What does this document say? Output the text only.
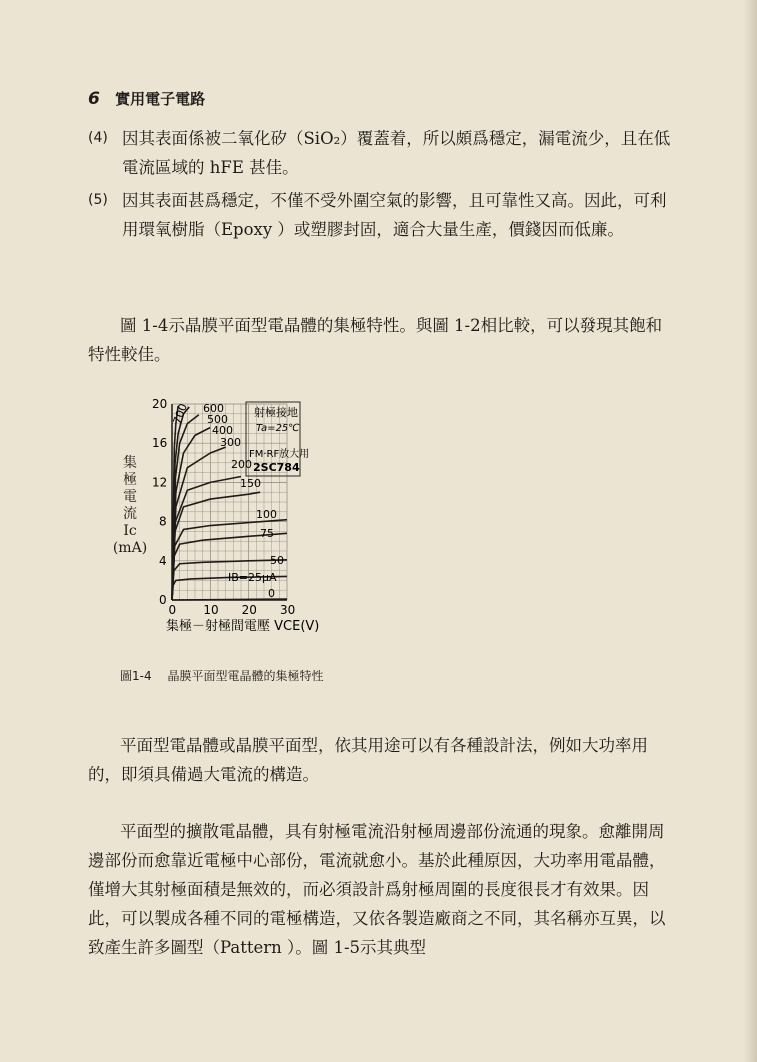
6 實用電子電路
(4) 因其表面係被二氧化矽（SiO₂）覆蓋着，所以頗爲穩定，漏電流少，且在低電流區域的 hFE 甚佳。
(5) 因其表面甚爲穩定，不僅不受外圍空氣的影響，且可靠性又高。因此，可利用環氧樹脂（Epoxy ）或塑膠封固，適合大量生產，價錢因而低廉。
圖 1-4示晶膜平面型電晶體的集極特性。與圖 1-2相比較，可以發現其飽和特性較佳。
集
極
電
流
Ic
(mA)
0 10 20 30
0
4
8
12
16
20
0
IB=25μA
50
75
100
150
200
300
400
500
600
700	射極接地
Ta=25℃
FM·RF放大用
2SC784
集極－射極間電壓 VCE(V)
圖1-4 晶膜平面型電晶體的集極特性
平面型電晶體或晶膜平面型，依其用途可以有各種設計法，例如大功率用的，即須具備過大電流的構造。
平面型的擴散電晶體，具有射極電流沿射極周邊部份流通的現象。愈離開周邊部份而愈靠近電極中心部份，電流就愈小。基於此種原因，大功率用電晶體，僅增大其射極面積是無效的，而必須設計爲射極周圍的長度很長才有效果。因此，可以製成各種不同的電極構造，又依各製造廠商之不同，其名稱亦互異，以致產生許多圖型（Pattern ）。圖 1-5示其典型
